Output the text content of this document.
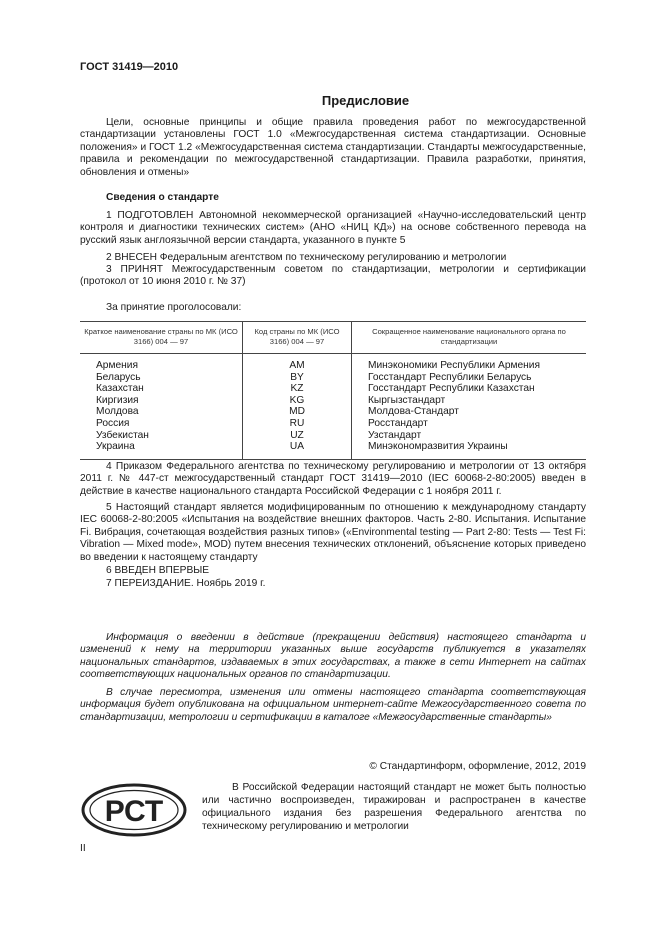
ГОСТ 31419—2010
Предисловие
Цели, основные принципы и общие правила проведения работ по межгосударственной стандартизации установлены ГОСТ 1.0 «Межгосударственная система стандартизации. Основные положения» и ГОСТ 1.2 «Межгосударственная система стандартизации. Стандарты межгосударственные, правила и рекомендации по межгосударственной стандартизации. Правила разработки, принятия, обновления и отмены»
Сведения о стандарте
1 ПОДГОТОВЛЕН Автономной некоммерческой организацией «Научно-исследовательский центр контроля и диагностики технических систем» (АНО «НИЦ КД») на основе собственного перевода на русский язык англоязычной версии стандарта, указанного в пункте 5
2 ВНЕСЕН Федеральным агентством по техническому регулированию и метрологии
3 ПРИНЯТ Межгосударственным советом по стандартизации, метрологии и сертификации (протокол от 10 июня 2010 г. № 37)
За принятие проголосовали:
Краткое наименование страны по МК (ИСО 3166) 004 — 97	Код страны по МК (ИСО 3166) 004 — 97	Сокращенное наименование национального органа по стандартизации
Армения	AM	Минэкономики Республики Армения
Беларусь	BY	Госстандарт Республики Беларусь
Казахстан	KZ	Госстандарт Республики Казахстан
Киргизия	KG	Кыргызстандарт
Молдова	MD	Молдова-Стандарт
Россия	RU	Росстандарт
Узбекистан	UZ	Узстандарт
Украина	UA	Минэкономразвития Украины
4 Приказом Федерального агентства по техническому регулированию и метрологии от 13 октября 2011 г. № 447-ст межгосударственный стандарт ГОСТ 31419—2010 (IEC 60068-2-80:2005) введен в действие в качестве национального стандарта Российской Федерации с 1 ноября 2011 г.
5 Настоящий стандарт является модифицированным по отношению к международному стандарту IEC 60068-2-80:2005 «Испытания на воздействие внешних факторов. Часть 2-80. Испытания. Испытание Fi. Вибрация, сочетающая воздействия разных типов» («Environmental testing — Part 2-80: Tests — Test Fi: Vibration — Mixed mode», MOD) путем внесения технических отклонений, объяснение которых приведено во введении к настоящему стандарту
6 ВВЕДЕН ВПЕРВЫЕ
7 ПЕРЕИЗДАНИЕ. Ноябрь 2019 г.
Информация о введении в действие (прекращении действия) настоящего стандарта и изменений к нему на территории указанных выше государств публикуется в указателях национальных стандартов, издаваемых в этих государствах, а также в сети Интернет на сайтах соответствующих национальных органов по стандартизации.
В случае пересмотра, изменения или отмены настоящего стандарта соответствующая информация будет опубликована на официальном интернет-сайте Межгосударственного совета по стандартизации, метрологии и сертификации в каталоге «Межгосударственные стандарты»
© Стандартинформ, оформление, 2012, 2019
РСТ
В Российской Федерации настоящий стандарт не может быть полностью или частично воспроизведен, тиражирован и распространен в качестве официального издания без разрешения Федерального агентства по техническому регулированию и метрологии
II
